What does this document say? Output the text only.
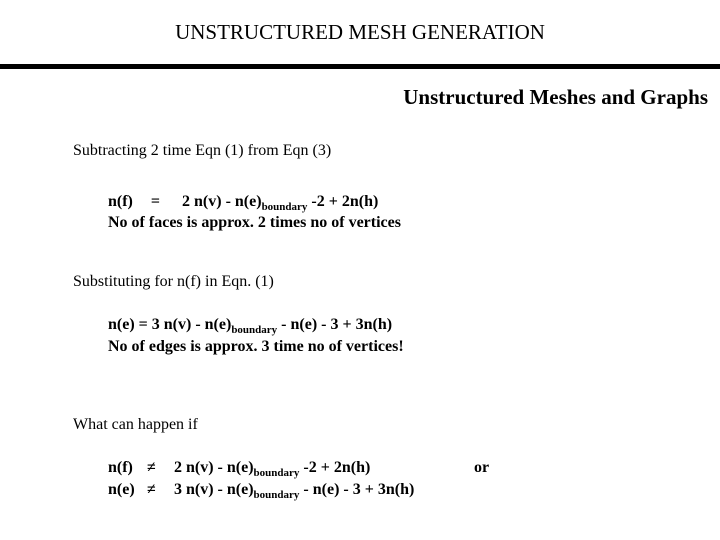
UNSTRUCTURED MESH GENERATION
Unstructured Meshes and Graphs
Subtracting 2 time Eqn (1) from Eqn (3)
n(f) = 2 $n(v) - n(e)_{boundary}$ -2 + 2n(h)
No of faces is approx. 2 times no of vertices
Substituting for n(f) in Eqn. (1)
n(e) = 3 $n(v) - n(e)_{boundary} - n(e) - 3 + 3n(h)$
No of edges is approx. 3 time no of vertices!
What can happen if
n(f) ≠ 2 $n(v) - n(e)_{boundary}$ -2 + 2n(h)	or
n(e) ≠ 3 $n(v) - n(e)_{boundary} - n(e) - 3 + 3n(h)$
